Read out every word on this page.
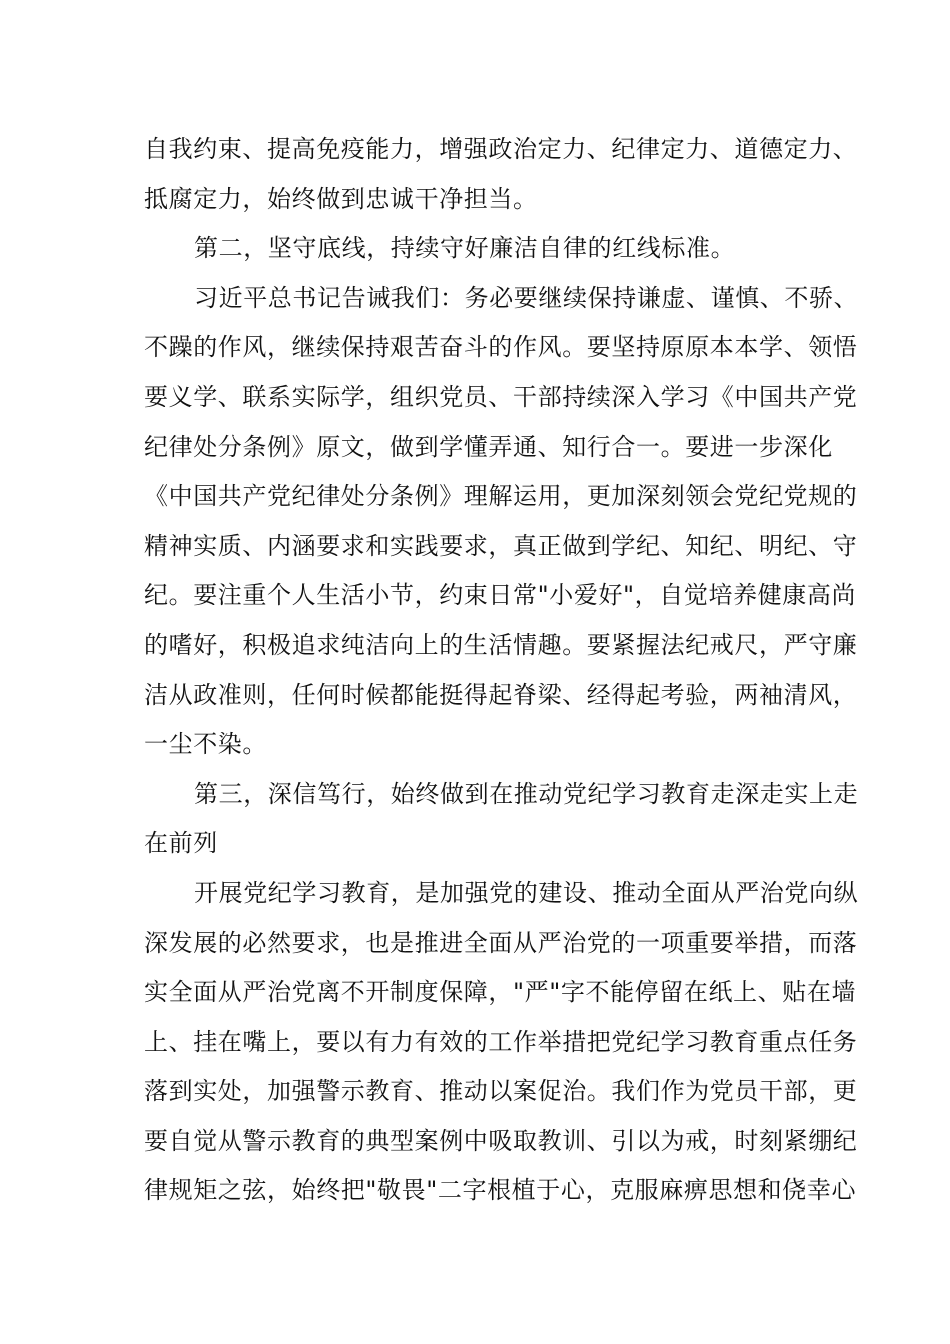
自我约束、提高免疫能力，增强政治定力、纪律定力、道德定力、
抵腐定力，始终做到忠诚干净担当。
第二，坚守底线，持续守好廉洁自律的红线标准。
习近平总书记告诫我们：务必要继续保持谦虚、谨慎、不骄、
不躁的作风，继续保持艰苦奋斗的作风。要坚持原原本本学、领悟
要义学、联系实际学，组织党员、干部持续深入学习《中国共产党
纪律处分条例》原文，做到学懂弄通、知行合一。要进一步深化
《中国共产党纪律处分条例》理解运用，更加深刻领会党纪党规的
精神实质、内涵要求和实践要求，真正做到学纪、知纪、明纪、守
纪。要注重个人生活小节，约束日常"小爱好"，自觉培养健康高尚
的嗜好，积极追求纯洁向上的生活情趣。要紧握法纪戒尺，严守廉
洁从政准则，任何时候都能挺得起脊梁、经得起考验，两袖清风，
一尘不染。
第三，深信笃行，始终做到在推动党纪学习教育走深走实上走
在前列
开展党纪学习教育，是加强党的建设、推动全面从严治党向纵
深发展的必然要求，也是推进全面从严治党的一项重要举措，而落
实全面从严治党离不开制度保障，"严"字不能停留在纸上、贴在墙
上、挂在嘴上，要以有力有效的工作举措把党纪学习教育重点任务
落到实处，加强警示教育、推动以案促治。我们作为党员干部，更
要自觉从警示教育的典型案例中吸取教训、引以为戒，时刻紧绷纪
律规矩之弦，始终把"敬畏"二字根植于心，克服麻痹思想和侥幸心
